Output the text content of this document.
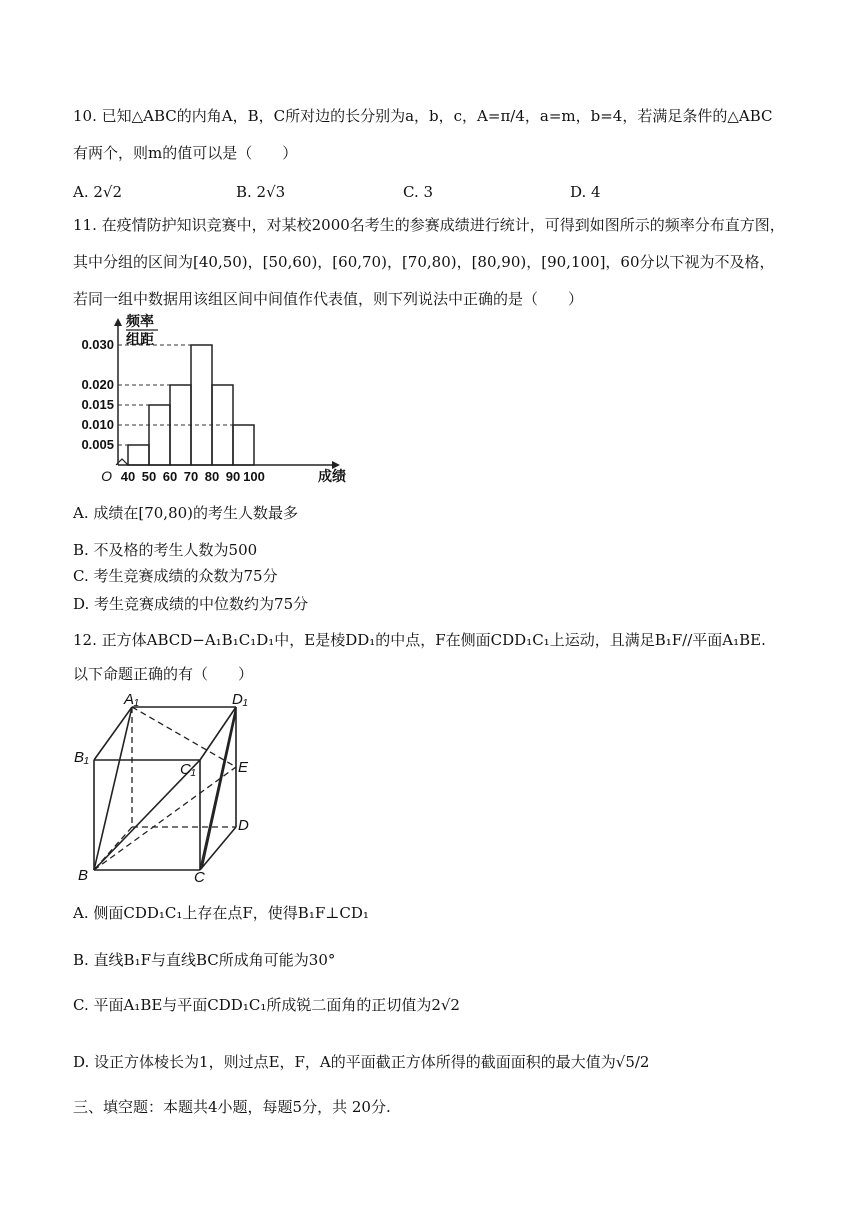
10. 已知△ABC的内角A，B，C所对边的长分别为a，b，c，A=π/4，a=m，b=4，若满足条件的△ABC
有两个，则m的值可以是（　　）
A. 2√2	B. 2√3	C. 3	D. 4
11. 在疫情防护知识竞赛中，对某校2000名考生的参赛成绩进行统计，可得到如图所示的频率分布直方图，
其中分组的区间为[40,50)，[50,60)，[60,70)，[70,80)，[80,90)，[90,100]，60分以下视为不及格，
若同一组中数据用该组区间中间值作代表值，则下列说法中正确的是（　　）
0.030
0.020
0.015
0.010
0.005
40 50 60 70 80 90 100
O	成绩
频率
组距
A. 成绩在[70,80)的考生人数最多
B. 不及格的考生人数为500
C. 考生竞赛成绩的众数为75分
D. 考生竞赛成绩的中位数约为75分
12. 正方体ABCD−A₁B₁C₁D₁中，E是棱DD₁的中点，F在侧面CDD₁C₁上运动，且满足B₁F//平面A₁BE.
以下命题正确的有（　　）
A₁	D₁
B₁
C₁	E
D
B	C
A. 侧面CDD₁C₁上存在点F，使得B₁F⊥CD₁
B. 直线B₁F与直线BC所成角可能为30°
C. 平面A₁BE与平面CDD₁C₁所成锐二面角的正切值为2√2
D. 设正方体棱长为1，则过点E，F，A的平面截正方体所得的截面面积的最大值为√5/2
三、填空题：本题共4小题，每题5分，共 20分.
